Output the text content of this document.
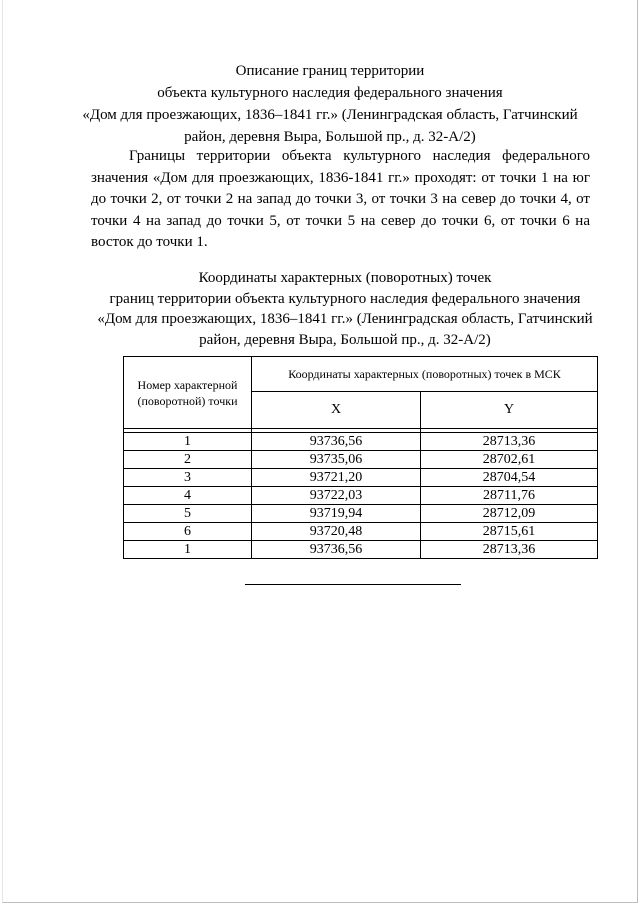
Описание границ территории
объекта культурного наследия федерального значения
«Дом для проезжающих, 1836–1841 гг.» (Ленинградская область, Гатчинский
район, деревня Выра, Большой пр., д. 32-А/2)

Границы территории объекта культурного наследия федерального значения «Дом для проезжающих, 1836-1841 гг.» проходят: от точки 1 на юг до точки 2, от точки 2 на запад до точки 3, от точки 3 на север до точки 4, от точки 4 на запад до точки 5, от точки 5 на север до точки 6, от точки 6 на восток до точки 1.

Координаты характерных (поворотных) точек
границ территории объекта культурного наследия федерального значения
«Дом для проезжающих, 1836–1841 гг.» (Ленинградская область, Гатчинский
район, деревня Выра, Большой пр., д. 32-А/2)
Номер характерной
(поворотной) точки	Координаты характерных (поворотных) точек в МСК	
	X	Y

1	93736,56	28713,36
2	93735,06	28702,61
3	93721,20	28704,54
4	93722,03	28711,76
5	93719,94	28712,09
6	93720,48	28715,61
1	93736,56	28713,36
